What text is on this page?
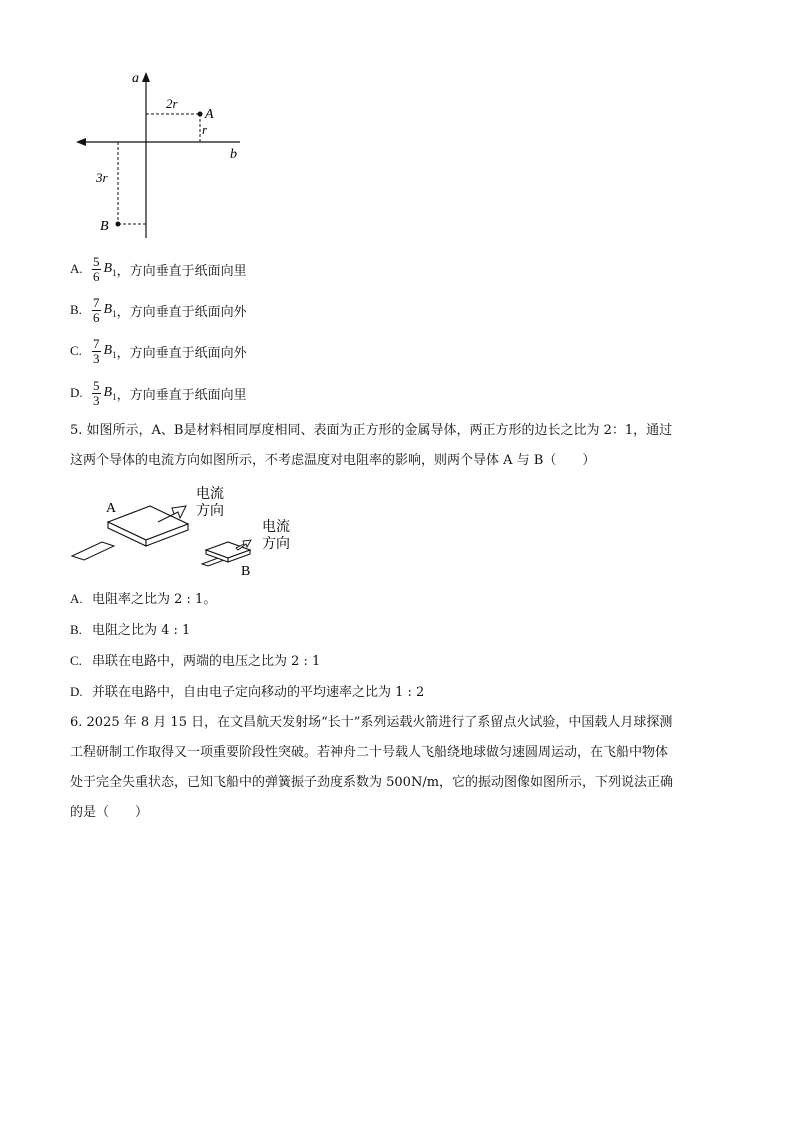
a
b
2r
r
3r
A
B
A. $\frac{5}{6} B_1$ ，方向垂直于纸面向里
B. $\frac{7}{6} B_1$ ，方向垂直于纸面向外
C. $\frac{7}{3} B_1$ ，方向垂直于纸面向外
D. $\frac{5}{3} B_1$ ，方向垂直于纸面向里
5. 如图所示，A、B是材料相同厚度相同、表面为正方形的金属导体，两正方形的边长之比为 2：1，通过
这两个导体的电流方向如图所示，不考虑温度对电阻率的影响，则两个导体 A 与 B（　　）
A
电流
方向
B
电流
方向
A. 电阻率之比为 2 : 1。
B. 电阻之比为 4 : 1
C. 串联在电路中，两端的电压之比为 2 : 1
D. 并联在电路中，自由电子定向移动的平均速率之比为 1 : 2
6. 2025 年 8 月 15 日，在文昌航天发射场“长十”系列运载火箭进行了系留点火试验，中国载人月球探测
工程研制工作取得又一项重要阶段性突破。若神舟二十号载人飞船绕地球做匀速圆周运动，在飞船中物体
处于完全失重状态，已知飞船中的弹簧振子劲度系数为 500N/m，它的振动图像如图所示，下列说法正确
的是（　　）
